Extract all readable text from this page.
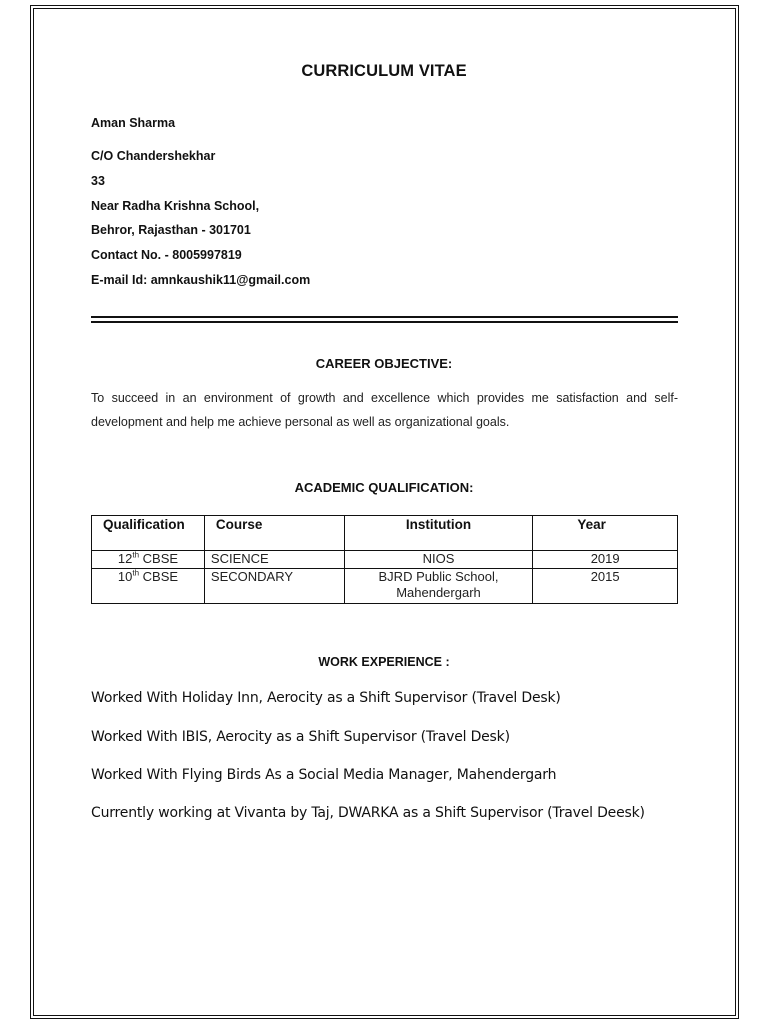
CURRICULUM VITAE
Aman Sharma
C/O Chandershekhar
33
Near Radha Krishna School,
Behror, Rajasthan - 301701
Contact No. - 8005997819
E-mail Id: amnkaushik11@gmail.com
CAREER OBJECTIVE:
To succeed in an environment of growth and excellence which provides me satisfaction and self-development and help me achieve personal as well as organizational goals.
ACADEMIC QUALIFICATION:
Qualification	Course	Institution	Year
12th CBSE	SCIENCE	NIOS	2019
10th CBSE	SECONDARY	BJRD Public School, Mahendergarh	2015
WORK EXPERIENCE :
Worked With Holiday Inn, Aerocity as a Shift Supervisor (Travel Desk)
Worked With IBIS, Aerocity as a Shift Supervisor (Travel Desk)
Worked With Flying Birds As a Social Media Manager, Mahendergarh
Currently working at Vivanta by Taj, DWARKA as a Shift Supervisor (Travel Deesk)
